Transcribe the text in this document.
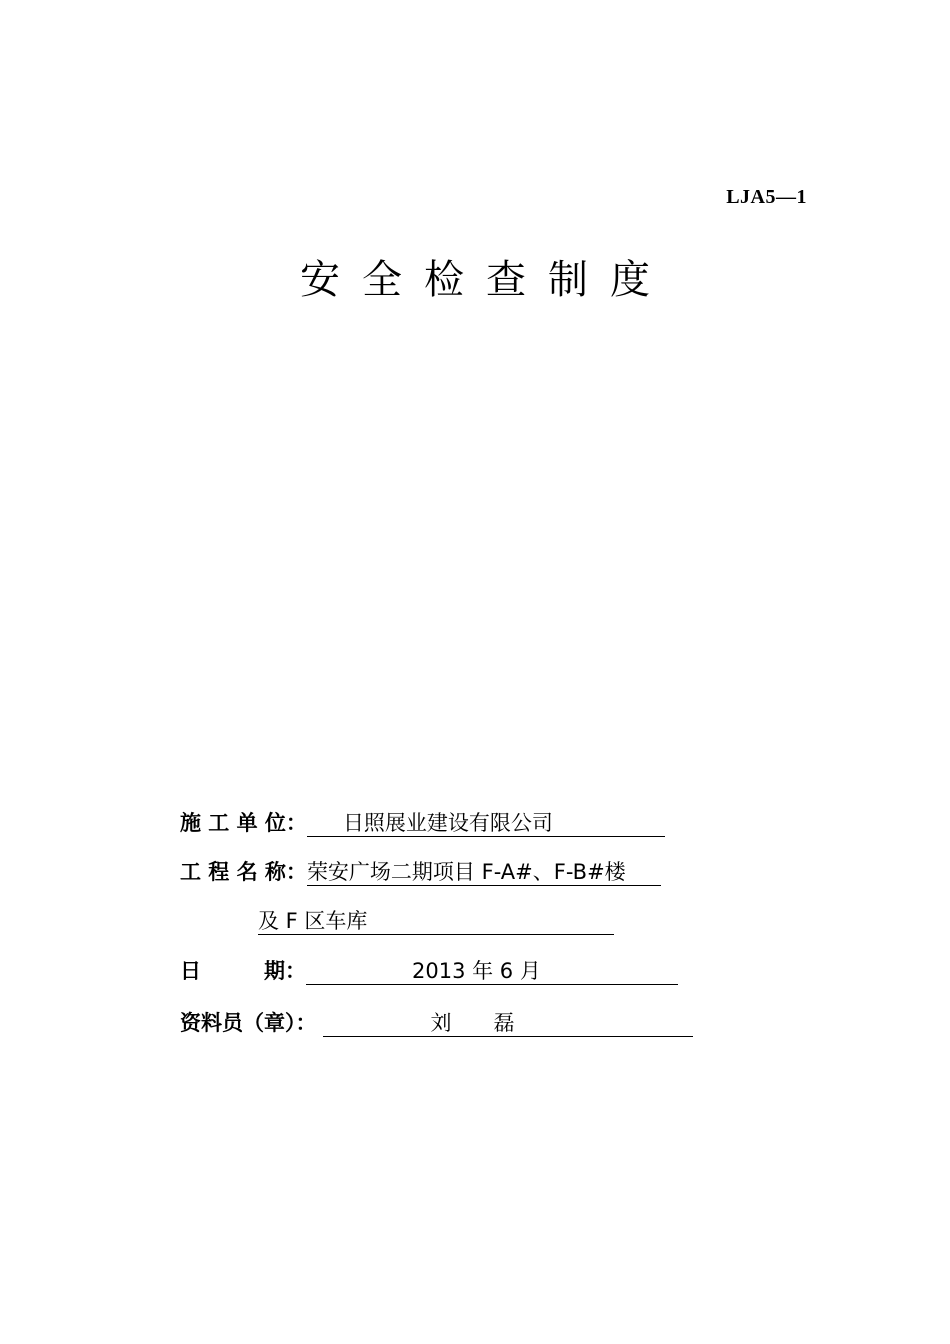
LJA5—1
安全检查制度
施 工 单 位： 日照展业建设有限公司
工 程 名 称：荣安广场二期项目 F-A#、F-B#楼
及 F 区车库
日　　　期：	2013 年 6 月
资料员（章）：	刘　　磊
